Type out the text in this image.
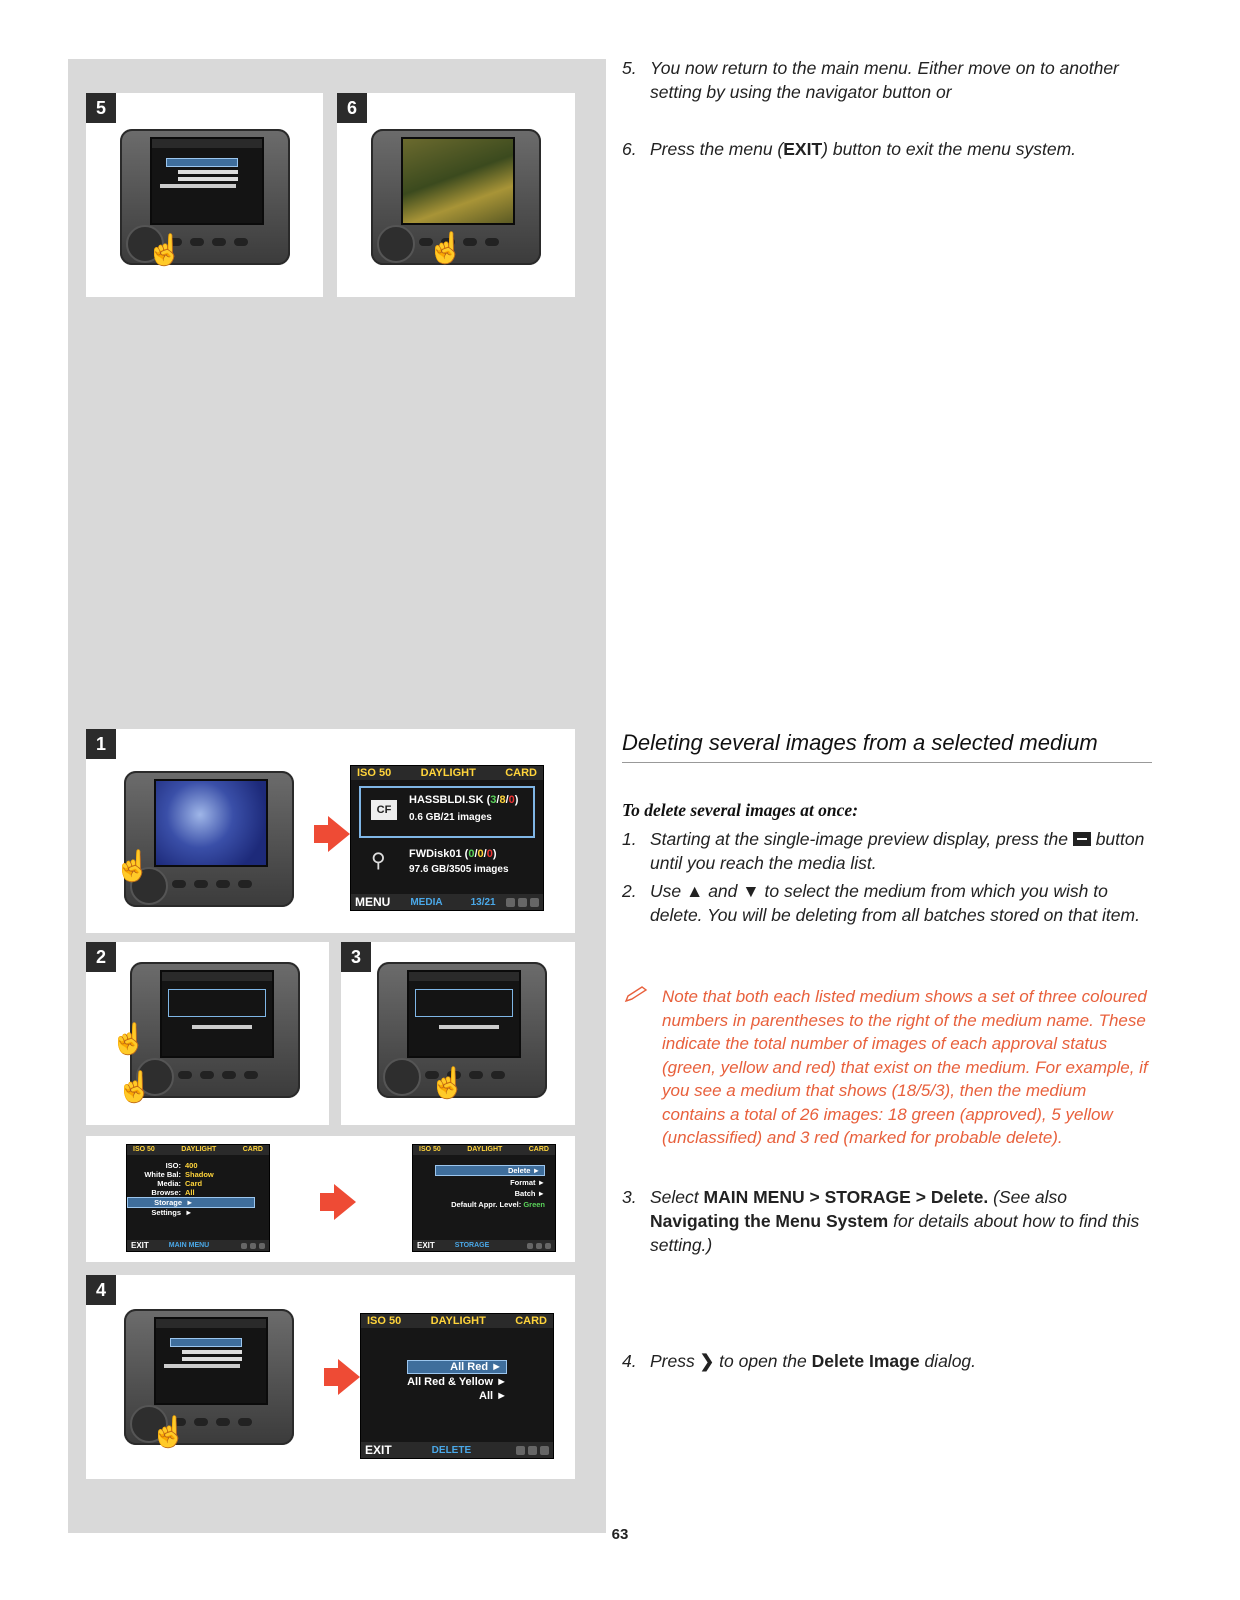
5
☝
6
☝
1
☝
ISO 50	DAYLIGHT	CARD
CF
HASSBLDI.SK (3/8/0)
0.6 GB/21 images
⚲ FWDisk01 (0/0/0)
97.6 GB/3505 images
MENU MEDIA	13/21
2
☝
☝
3
☝
ISO 50	DAYLIGHT	CARD
ISO: 400
White Bal: Shadow
Media: Card
Browse: All
Storage ►
Settings ►
EXIT	MAIN MENU
ISO 50	DAYLIGHT	CARD
Delete ►
Format ►
Batch ►
Default Appr. Level: Green
EXIT	STORAGE
4
☝
ISO 50	DAYLIGHT	CARD
All Red ►
All Red & Yellow ►
All ►
EXIT	DELETE
5. You now return to the main menu. Either move on to another setting by using the navigator button or
6. Press the menu (EXIT) button to exit the menu system.
Deleting several images from a selected medium
To delete several images at once:
1. Starting at the single-image preview display, press the button until you reach the media list.
2. Use ▲ and ▼ to select the medium from which you wish to delete. You will be deleting from all batches stored on that item.
Note that both each listed medium shows a set of three coloured numbers in parentheses to the right of the medium name. These indicate the total number of images of each approval status (green, yellow and red) that exist on the medium. For example, if you see a medium that shows (18/5/3), then the medium contains a total of 26 images: 18 green (approved), 5 yellow (unclassified) and 3 red (marked for probable delete).
3. Select MAIN MENU > STORAGE > Delete. (See also Navigating the Menu System for details about how to find this setting.)
4. Press ❯ to open the Delete Image dialog.
63
